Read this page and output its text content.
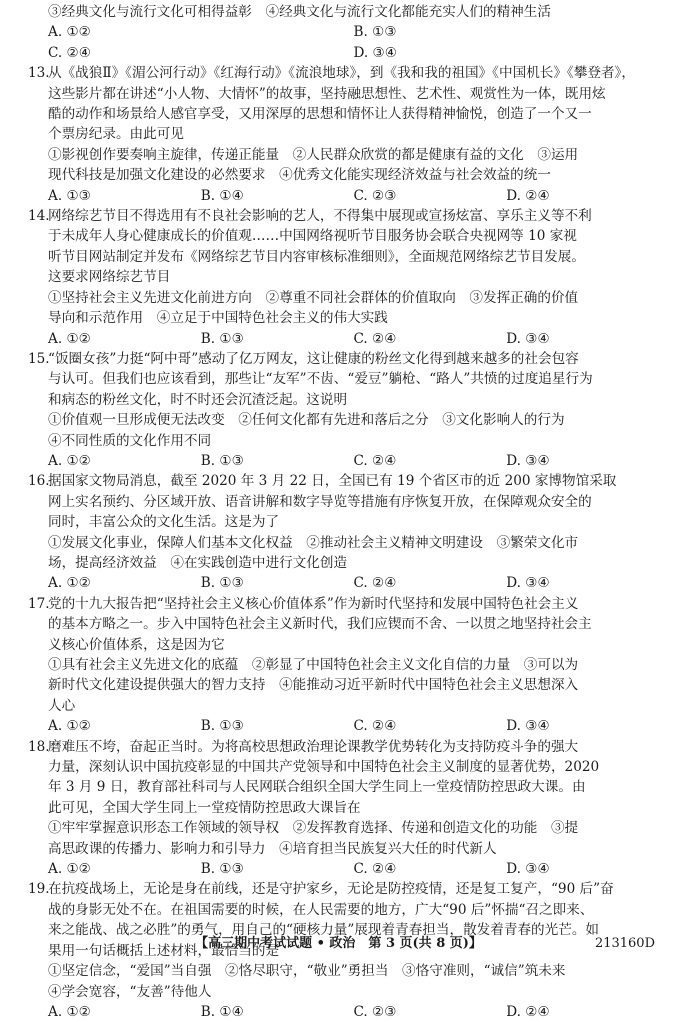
③经典文化与流行文化可相得益彰　④经典文化与流行文化都能充实人们的精神生活
A. ①②	B. ①③
C. ②④	D. ③④
13.从《战狼Ⅱ》《湄公河行动》《红海行动》《流浪地球》，到《我和我的祖国》《中国机长》《攀登者》，
这些影片都在讲述“小人物、大情怀”的故事，坚持融思想性、艺术性、观赏性为一体，既用炫
酷的动作和场景给人感官享受，又用深厚的思想和情怀让人获得精神愉悦，创造了一个又一
个票房纪录。由此可见
①影视创作要奏响主旋律，传递正能量　②人民群众欣赏的都是健康有益的文化　③运用
现代科技是加强文化建设的必然要求　④优秀文化能实现经济效益与社会效益的统一
A. ①③	B. ①④	C. ②③	D. ②④
14.网络综艺节目不得选用有不良社会影响的艺人，不得集中展现或宣扬炫富、享乐主义等不利
于未成年人身心健康成长的价值观……中国网络视听节目服务协会联合央视网等 10 家视
听节目网站制定并发布《网络综艺节目内容审核标准细则》，全面规范网络综艺节目发展。
这要求网络综艺节目
①坚持社会主义先进文化前进方向　②尊重不同社会群体的价值取向　③发挥正确的价值
导向和示范作用　④立足于中国特色社会主义的伟大实践
A. ①②	B. ①③	C. ②④	D. ③④
15.“饭圈女孩”力挺“阿中哥”感动了亿万网友，这让健康的粉丝文化得到越来越多的社会包容
与认可。但我们也应该看到，那些让“友军”不齿、“爱豆”躺枪、“路人”共愤的过度追星行为
和病态的粉丝文化，时不时还会沉渣泛起。这说明
①价值观一旦形成便无法改变　②任何文化都有先进和落后之分　③文化影响人的行为
④不同性质的文化作用不同
A. ①②	B. ①③	C. ②④	D. ③④
16.据国家文物局消息，截至 2020 年 3 月 22 日，全国已有 19 个省区市的近 200 家博物馆采取
网上实名预约、分区域开放、语音讲解和数字导览等措施有序恢复开放，在保障观众安全的
同时，丰富公众的文化生活。这是为了
①发展文化事业，保障人们基本文化权益　②推动社会主义精神文明建设　③繁荣文化市
场，提高经济效益　④在实践创造中进行文化创造
A. ①②	B. ①③	C. ②④	D. ③④
17.党的十九大报告把“坚持社会主义核心价值体系”作为新时代坚持和发展中国特色社会主义
的基本方略之一。步入中国特色社会主义新时代，我们应锲而不舍、一以贯之地坚持社会主
义核心价值体系，这是因为它
①具有社会主义先进文化的底蕴　②彰显了中国特色社会主义文化自信的力量　③可以为
新时代文化建设提供强大的智力支持　④能推动习近平新时代中国特色社会主义思想深入
人心
A. ①②	B. ①③	C. ②④	D. ③④
18.磨难压不垮，奋起正当时。为将高校思想政治理论课教学优势转化为支持防疫斗争的强大
力量，深刻认识中国抗疫彰显的中国共产党领导和中国特色社会主义制度的显著优势，2020
年 3 月 9 日，教育部社科司与人民网联合组织全国大学生同上一堂疫情防控思政大课。由
此可见，全国大学生同上一堂疫情防控思政大课旨在
①牢牢掌握意识形态工作领域的领导权　②发挥教育选择、传递和创造文化的功能　③提
高思政课的传播力、影响力和引导力　④培育担当民族复兴大任的时代新人
A. ①②	B. ①③	C. ②④	D. ③④
19.在抗疫战场上，无论是身在前线，还是守护家乡，无论是防控疫情，还是复工复产，“90 后”奋
战的身影无处不在。在祖国需要的时候，在人民需要的地方，广大“90 后”怀揣“召之即来、
来之能战、战之必胜”的勇气，用自己的“硬核力量”展现着青春担当，散发着青春的光芒。如
果用一句话概括上述材料，最恰当的是
①坚定信念，“爱国”当自强　②恪尽职守，“敬业”勇担当　③恪守准则，“诚信”筑未来
④学会宽容，“友善”待他人
A. ①②	B. ①④	C. ②③	D. ②④
【高三期中考试试题 • 政治　第 3 页(共 8 页)】	213160D
